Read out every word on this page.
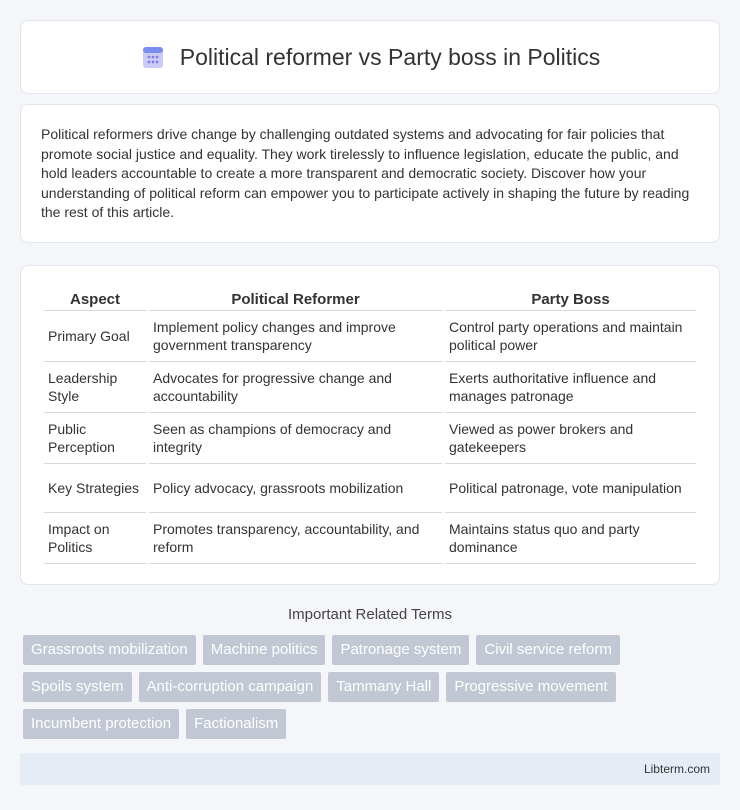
Political reformer vs Party boss in Politics

Political reformers drive change by challenging outdated systems and advocating for fair policies that promote social justice and equality. They work tirelessly to influence legislation, educate the public, and hold leaders accountable to create a more transparent and democratic society. Discover how your understanding of political reform can empower you to participate actively in shaping the future by reading the rest of this article.

Aspect	Political Reformer	Party Boss
Primary Goal	Implement policy changes and improve government transparency	Control party operations and maintain political power
Leadership Style	Advocates for progressive change and accountability	Exerts authoritative influence and manages patronage
Public Perception	Seen as champions of democracy and integrity	Viewed as power brokers and gatekeepers
Key Strategies	Policy advocacy, grassroots mobilization	Political patronage, vote manipulation
Impact on Politics	Promotes transparency, accountability, and reform	Maintains status quo and party dominance
Important Related Terms
Grassroots mobilization	Machine politics	Patronage system	Civil service reform
Spoils system	Anti-corruption campaign	Tammany Hall	Progressive movement
Incumbent protection	Factionalism
Libterm.com
